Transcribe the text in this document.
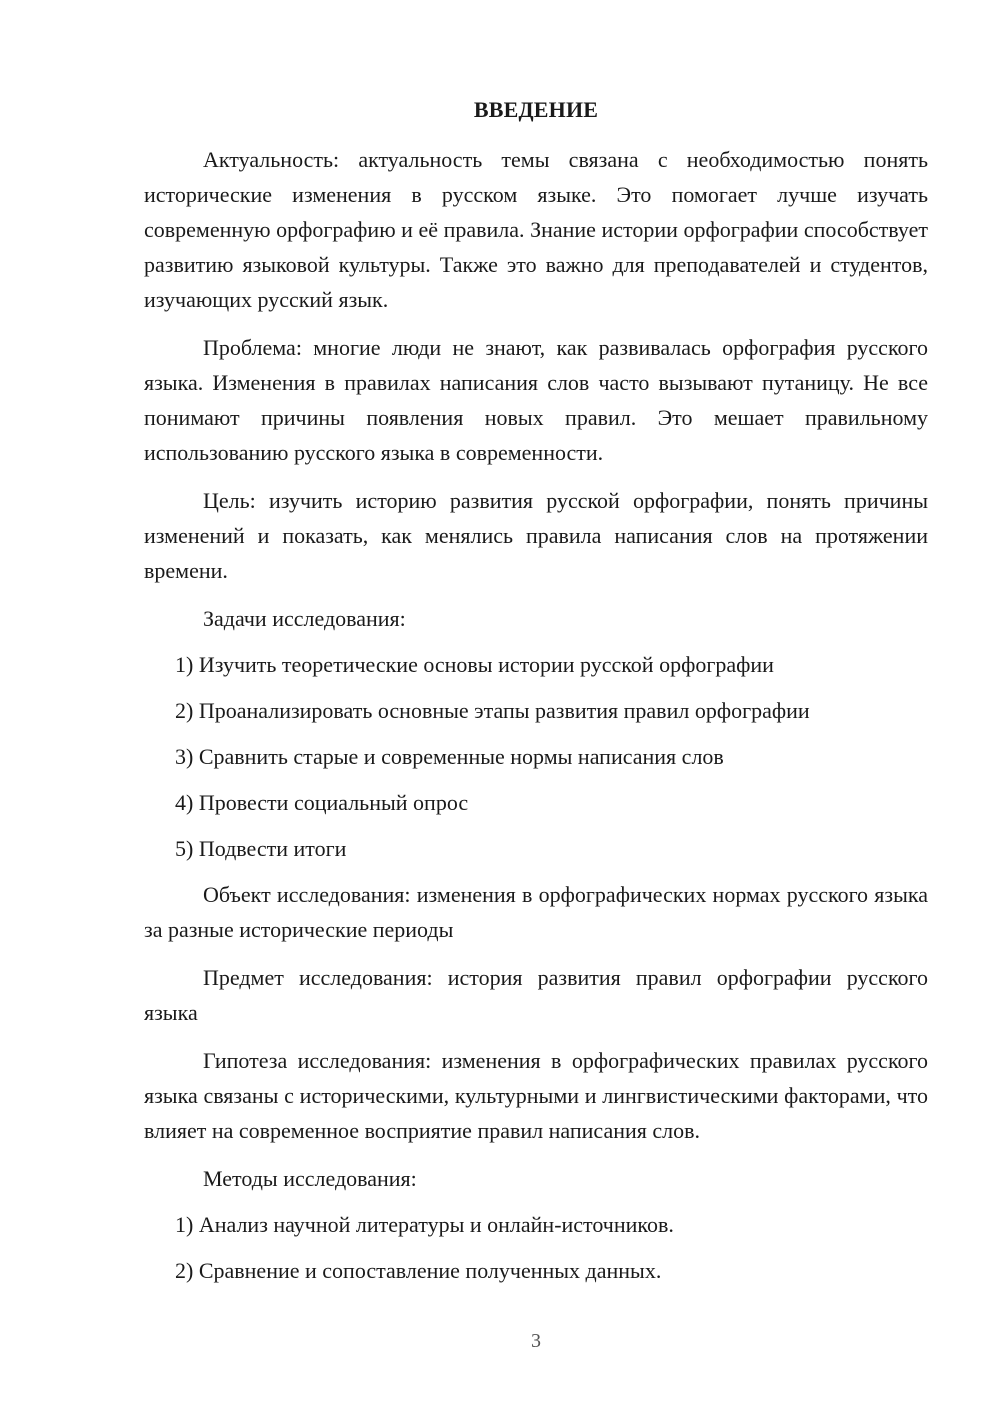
ВВЕДЕНИЕ

Актуальность: актуальность темы связана с необходимостью понять исторические изменения в русском языке. Это помогает лучше изучать современную орфографию и её правила. Знание истории орфографии способствует развитию языковой культуры. Также это важно для преподавателей и студентов, изучающих русский язык.

Проблема: многие люди не знают, как развивалась орфография русского языка. Изменения в правилах написания слов часто вызывают путаницу. Не все понимают причины появления новых правил. Это мешает правильному использованию русского языка в современности.

Цель: изучить историю развития русской орфографии, понять причины изменений и показать, как менялись правила написания слов на протяжении времени.

Задачи исследования:
1) Изучить теоретические основы истории русской орфографии
2) Проанализировать основные этапы развития правил орфографии
3) Сравнить старые и современные нормы написания слов
4) Провести социальный опрос
5) Подвести итоги

Объект исследования: изменения в орфографических нормах русского языка за разные исторические периоды

Предмет исследования: история развития правил орфографии русского языка

Гипотеза исследования: изменения в орфографических правилах русского языка связаны с историческими, культурными и лингвистическими факторами, что влияет на современное восприятие правил написания слов.

Методы исследования:
1) Анализ научной литературы и онлайн-источников.
2) Сравнение и сопоставление полученных данных.
3
